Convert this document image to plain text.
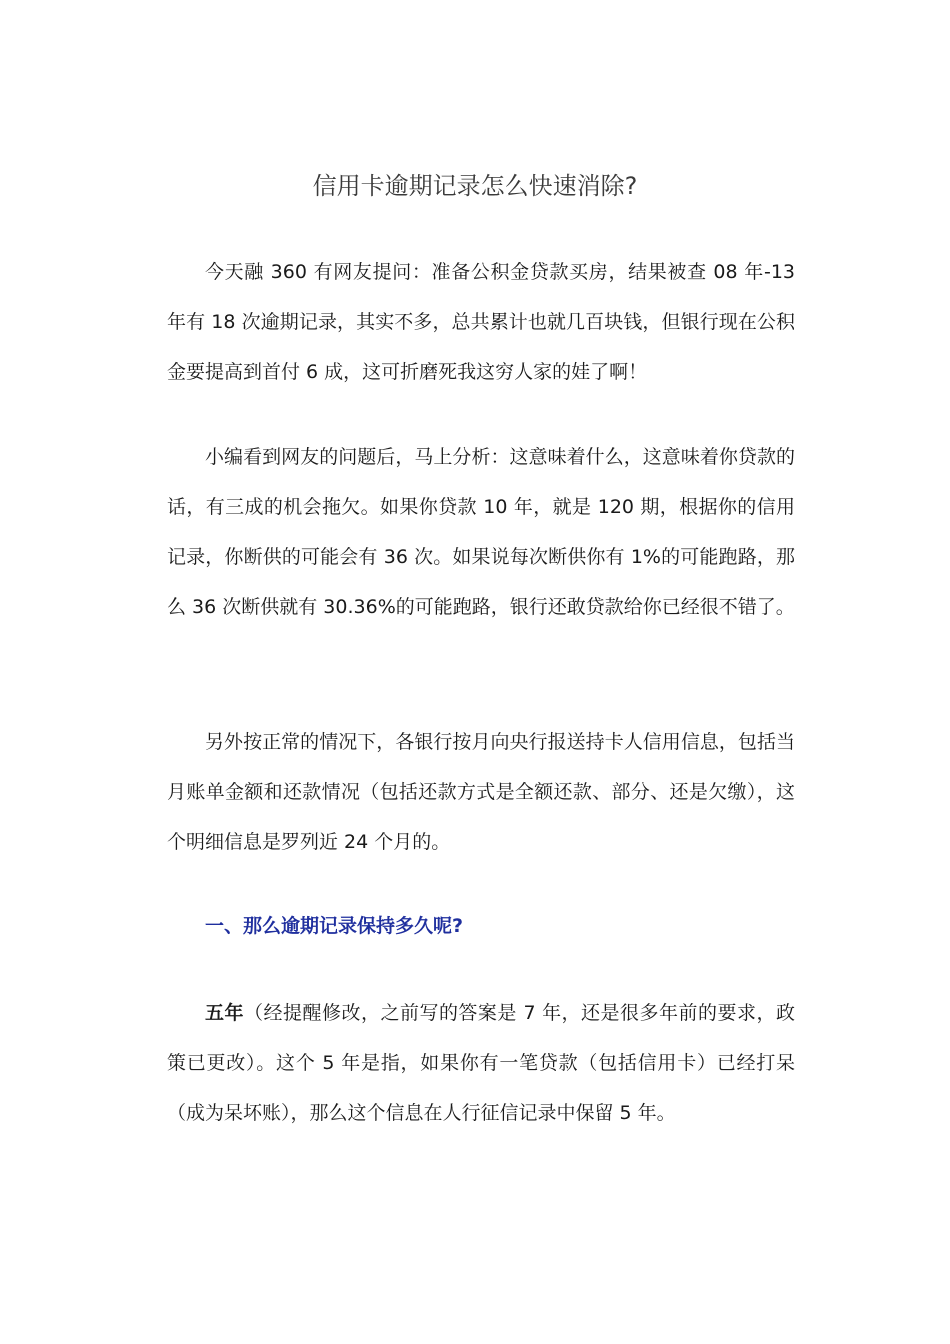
信用卡逾期记录怎么快速消除?
今天融 360 有网友提问：准备公积金贷款买房，结果被查 08 年-13 年有 18 次逾期记录，其实不多，总共累计也就几百块钱，但银行现在公积金要提高到首付 6 成，这可折磨死我这穷人家的娃了啊！
小编看到网友的问题后，马上分析：这意味着什么，这意味着你贷款的话，有三成的机会拖欠。如果你贷款 10 年，就是 120 期，根据你的信用记录，你断供的可能会有 36 次。如果说每次断供你有 1%的可能跑路，那么 36 次断供就有 30.36%的可能跑路，银行还敢贷款给你已经很不错了。
另外按正常的情况下，各银行按月向央行报送持卡人信用信息，包括当月账单金额和还款情况（包括还款方式是全额还款、部分、还是欠缴），这个明细信息是罗列近 24 个月的。
一、那么逾期记录保持多久呢?
五年（经提醒修改，之前写的答案是 7 年，还是很多年前的要求，政策已更改）。这个 5 年是指，如果你有一笔贷款（包括信用卡）已经打呆（成为呆坏账），那么这个信息在人行征信记录中保留 5 年。
